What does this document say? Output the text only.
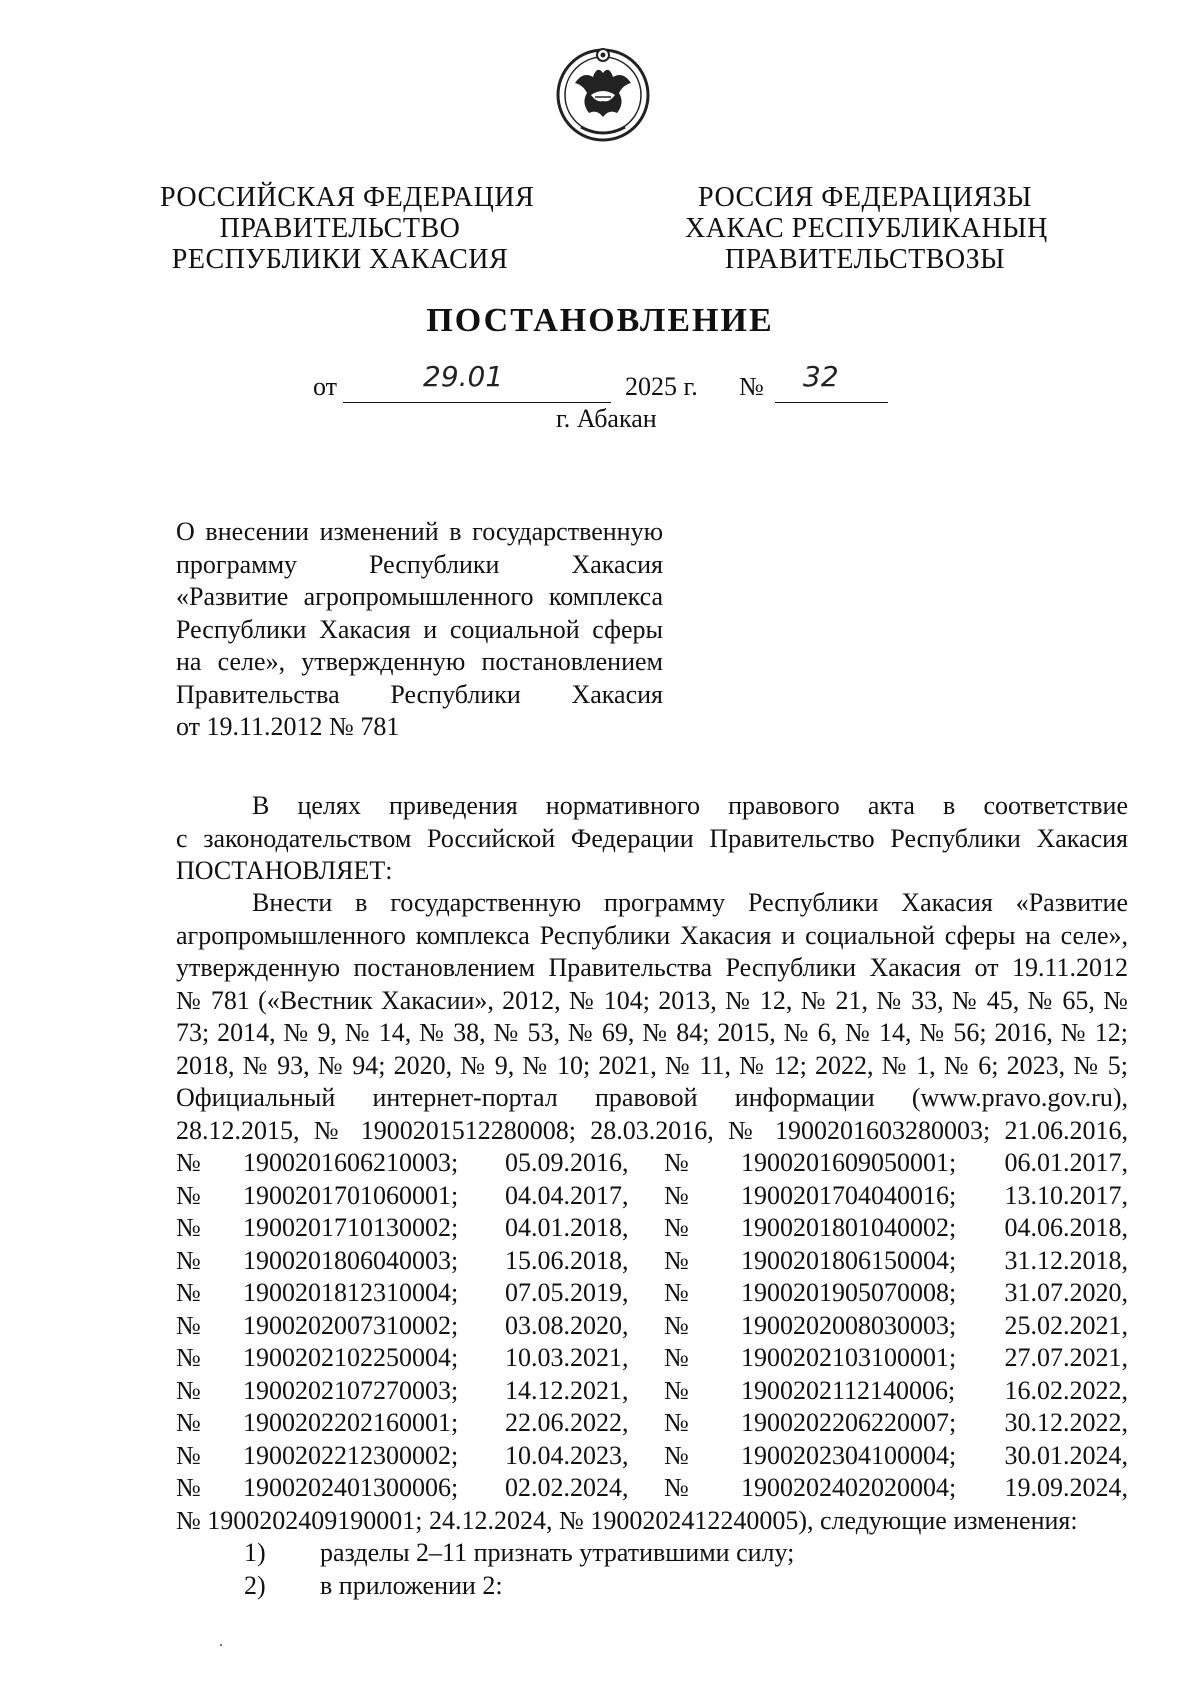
РОССИЙСКАЯ ФЕДЕРАЦИЯ
ПРАВИТЕЛЬСТВО
РЕСПУБЛИКИ ХАКАСИЯ
РОССИЯ ФЕДЕРАЦИЯЗЫ
ХАКАС РЕСПУБЛИКАНЫҢ
ПРАВИТЕЛЬСТВОЗЫ
ПОСТАНОВЛЕНИЕ
от	29.01	2025 г. № 32
г. Абакан
О внесении изменений в государственную
программу Республики Хакасия
«Развитие агропромышленного комплекса
Республики Хакасия и социальной сферы
на селе», утвержденную постановлением
Правительства Республики Хакасия
от 19.11.2012 № 781
В целях приведения нормативного правового акта в соответствие
с законодательством Российской Федерации Правительство Республики Хакасия
ПОСТАНОВЛЯЕТ:
Внести в государственную программу Республики Хакасия «Развитие
агропромышленного комплекса Республики Хакасия и социальной сферы на селе»,
утвержденную постановлением Правительства Республики Хакасия от 19.11.2012
№ 781 («Вестник Хакасии», 2012, № 104; 2013, № 12, № 21, № 33, № 45, № 65, №
73; 2014, № 9, № 14, № 38, № 53, № 69, № 84; 2015, № 6, № 14, № 56; 2016, № 12;
2018, № 93, № 94; 2020, № 9, № 10; 2021, № 11, № 12; 2022, № 1, № 6; 2023, № 5;
Официальный интернет-портал правовой информации (www.pravo.gov.ru),
28.12.2015, № 1900201512280008; 28.03.2016, № 1900201603280003; 21.06.2016,
№ 1900201606210003; 05.09.2016, № 1900201609050001; 06.01.2017,
№ 1900201701060001; 04.04.2017, № 1900201704040016; 13.10.2017,
№ 1900201710130002; 04.01.2018, № 1900201801040002; 04.06.2018,
№ 1900201806040003; 15.06.2018, № 1900201806150004; 31.12.2018,
№ 1900201812310004; 07.05.2019, № 1900201905070008; 31.07.2020,
№ 1900202007310002; 03.08.2020, № 1900202008030003; 25.02.2021,
№ 1900202102250004; 10.03.2021, № 1900202103100001; 27.07.2021,
№ 1900202107270003; 14.12.2021, № 1900202112140006; 16.02.2022,
№ 1900202202160001; 22.06.2022, № 1900202206220007; 30.12.2022,
№ 1900202212300002; 10.04.2023, № 1900202304100004; 30.01.2024,
№ 1900202401300006; 02.02.2024, № 1900202402020004; 19.09.2024,
№ 1900202409190001; 24.12.2024, № 1900202412240005), следующие изменения:
1) разделы 2–11 признать утратившими силу;
2) в приложении 2:
